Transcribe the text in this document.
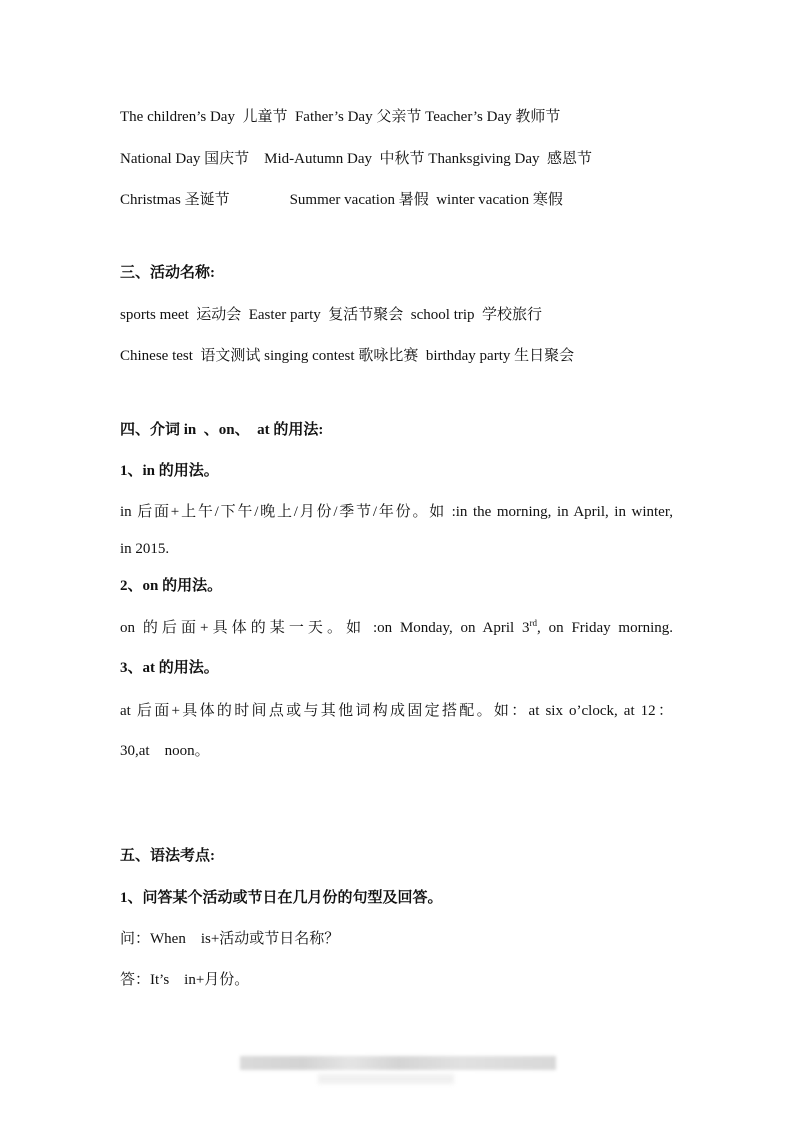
The children’s Day  儿童节  Father’s Day 父亲节 Teacher’s Day 教师节
National Day 国庆节    Mid-Autumn Day  中秋节 Thanksgiving Day  感恩节
Christmas 圣诞节                Summer vacation 暑假  winter vacation 寒假
三、活动名称:
sports meet  运动会  Easter party  复活节聚会  school trip  学校旅行
Chinese test  语文测试 singing contest 歌咏比赛  birthday party 生日聚会
四、介词 in  、on、  at 的用法:
1、in 的用法。
in 后面+上午/下午/晚上/月份/季节/年份。如 :in the morning, in April, in winter,
in 2015.
2、on 的用法。
on 的后面+具体的某一天。如 :on Monday, on April 3rd, on Friday morning.
3、at 的用法。
at 后面+具体的时间点或与其他词构成固定搭配。如：at six o’clock, at 12：
30,at    noon。
五、语法考点:
1、问答某个活动或节日在几月份的句型及回答。
问：When    is+活动或节日名称？
答：It’s    in+月份。
